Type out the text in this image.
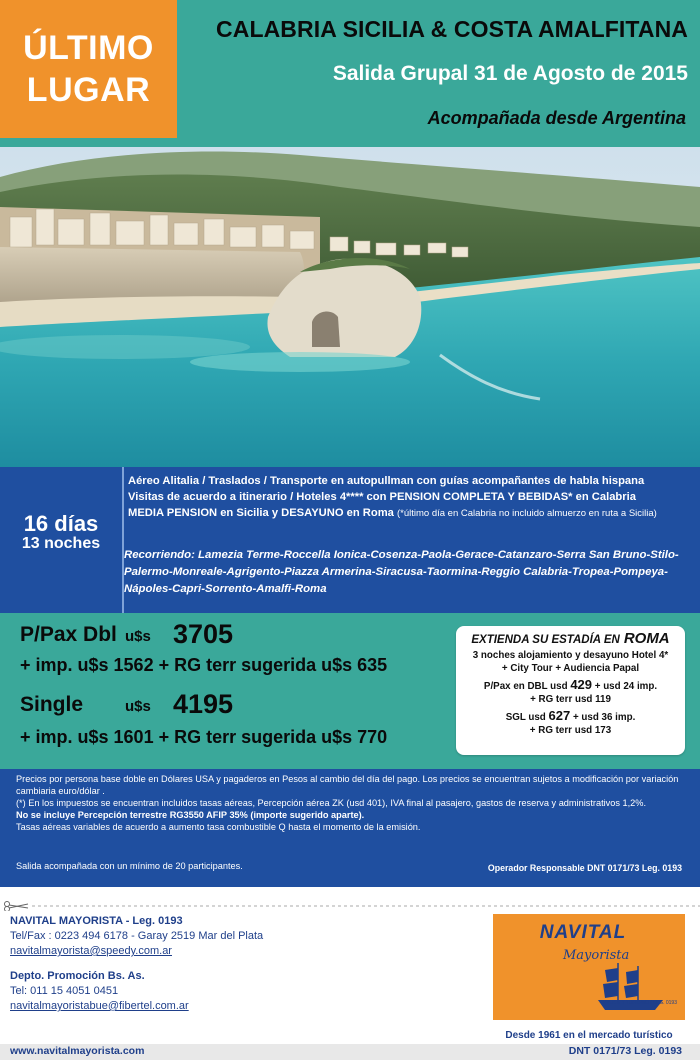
ÚLTIMO
LUGAR
CALABRIA SICILIA & COSTA AMALFITANA
Salida Grupal 31 de Agosto de 2015
Acompañada desde Argentina
16 días
13 noches
Aéreo Alitalia / Traslados / Transporte en autopullman con guías acompañantes de habla hispana
Visitas de acuerdo a itinerario / Hoteles 4**** con PENSION COMPLETA Y BEBIDAS* en Calabria
MEDIA PENSION en Sicilia y DESAYUNO en Roma (*último día en Calabria no incluido almuerzo en ruta a Sicilia)
Recorriendo: Lamezia Terme-Roccella Ionica-Cosenza-Paola-Gerace-Catanzaro-Serra San Bruno-Stilo-Palermo-Monreale-Agrigento-Piazza Armerina-Siracusa-Taormina-Reggio Calabria-Tropea-Pompeya-Nápoles-Capri-Sorrento-Amalfi-Roma
P/Pax Dbl u$s 3705
+ imp. u$s 1562 + RG terr sugerida u$s 635
Single	u$s 4195
+ imp. u$s 1601 + RG terr sugerida u$s 770
EXTIENDA SU ESTADÍA EN ROMA
3 noches alojamiento y desayuno Hotel 4*
+ City Tour + Audiencia Papal
P/Pax en DBL usd 429 + usd 24 imp.
+ RG terr usd 119
SGL usd 627 + usd 36 imp.
+ RG terr usd 173
Precios por persona base doble en Dólares USA y pagaderos en Pesos al cambio del día del pago. Los precios se encuentran sujetos a modificación por variación cambiaria euro/dólar .
(*) En los impuestos se encuentran incluidos tasas aéreas, Percepción aérea ZK (usd 401), IVA final al pasajero, gastos de reserva y administrativos 1,2%.
No se incluye Percepción terrestre RG3550 AFIP 35% (importe sugerido aparte).
Tasas aéreas variables de acuerdo a aumento tasa combustible Q hasta el momento de la emisión.
Salida acompañada con un mínimo de 20 participantes.	Operador Responsable DNT 0171/73 Leg. 0193
NAVITAL MAYORISTA - Leg. 0193
Tel/Fax : 0223 494 6178 - Garay 2519 Mar del Plata
navitalmayorista@speedy.com.ar
Depto. Promoción Bs. As.
Tel: 011 15 4051 0451
navitalmayoristabue@fibertel.com.ar
NAVITAL
Mayorista
VIAJES Y TURISMO / LEG. 0193
Desde 1961 en el mercado turístico
www.navitalmayorista.com	DNT 0171/73 Leg. 0193
